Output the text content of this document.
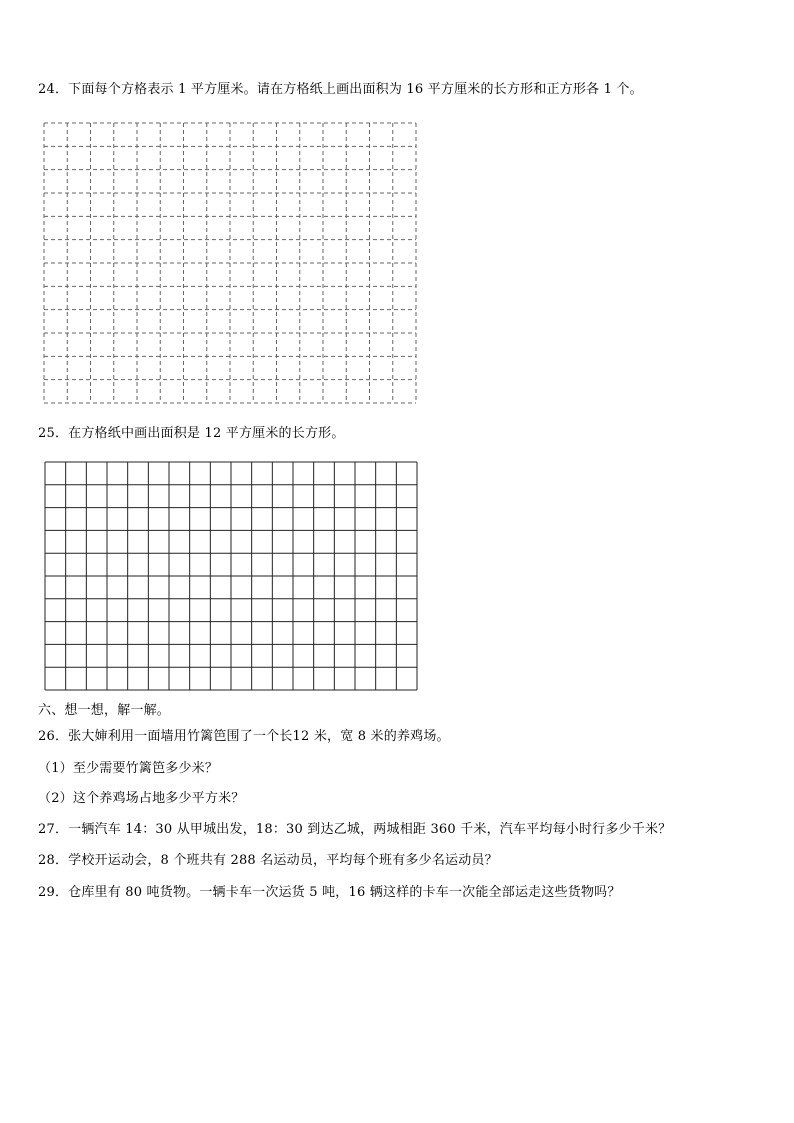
24．下面每个方格表示 1 平方厘米。请在方格纸上画出面积为 16 平方厘米的长方形和正方形各 1 个。
25．在方格纸中画出面积是 12 平方厘米的长方形。
六、想一想，解一解。
26．张大婶利用一面墙用竹篱笆围了一个长12 米，宽 8 米的养鸡场。
（1）至少需要竹篱笆多少米？
（2）这个养鸡场占地多少平方米？
27．一辆汽车 14：30 从甲城出发，18：30 到达乙城，两城相距 360 千米，汽车平均每小时行多少千米？
28．学校开运动会，8 个班共有 288 名运动员，平均每个班有多少名运动员？
29．仓库里有 80 吨货物。一辆卡车一次运货 5 吨，16 辆这样的卡车一次能全部运走这些货物吗？
